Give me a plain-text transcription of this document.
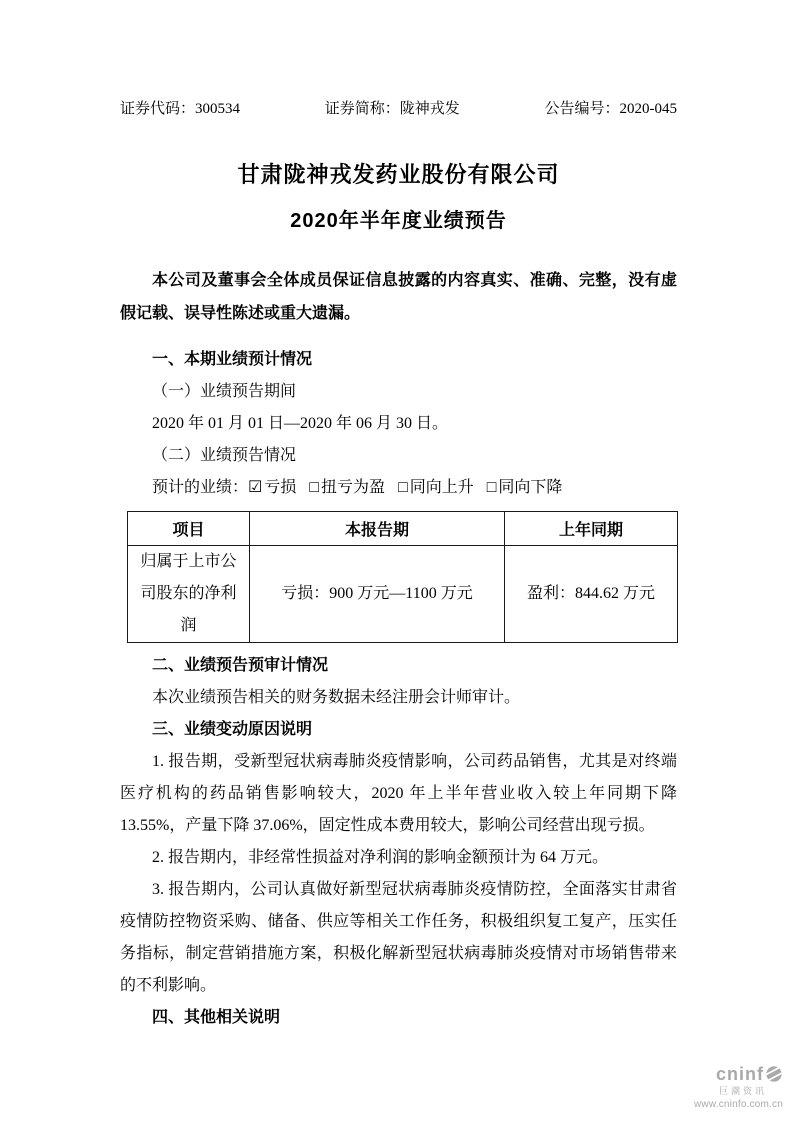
证券代码：300534	证券简称：陇神戎发	公告编号：2020-045
甘肃陇神戎发药业股份有限公司
2020年半年度业绩预告

本公司及董事会全体成员保证信息披露的内容真实、准确、完整，没有虚假记载、误导性陈述或重大遗漏。

一、本期业绩预计情况

（一）业绩预告期间

2020 年 01 月 01 日—2020 年 06 月 30 日。

（二）业绩预告情况

预计的业绩：☑ 亏损 □ 扭亏为盈 □ 同向上升 □ 同向下降

项目	本报告期	上年同期
归属于上市公司股东的净利润	亏损：900 万元—1100 万元	盈利：844.62 万元

二、业绩预告预审计情况

本次业绩预告相关的财务数据未经注册会计师审计。

三、业绩变动原因说明

1. 报告期，受新型冠状病毒肺炎疫情影响，公司药品销售，尤其是对终端医疗机构的药品销售影响较大，2020 年上半年营业收入较上年同期下降 13.55%，产量下降 37.06%，固定性成本费用较大，影响公司经营出现亏损。

2. 报告期内，非经常性损益对净利润的影响金额预计为 64 万元。

3. 报告期内，公司认真做好新型冠状病毒肺炎疫情防控，全面落实甘肃省疫情防控物资采购、储备、供应等相关工作任务，积极组织复工复产，压实任务指标，制定营销措施方案，积极化解新型冠状病毒肺炎疫情对市场销售带来的不利影响。

四、其他相关说明

cninf
巨潮资讯
www.cninfo.com.cn
